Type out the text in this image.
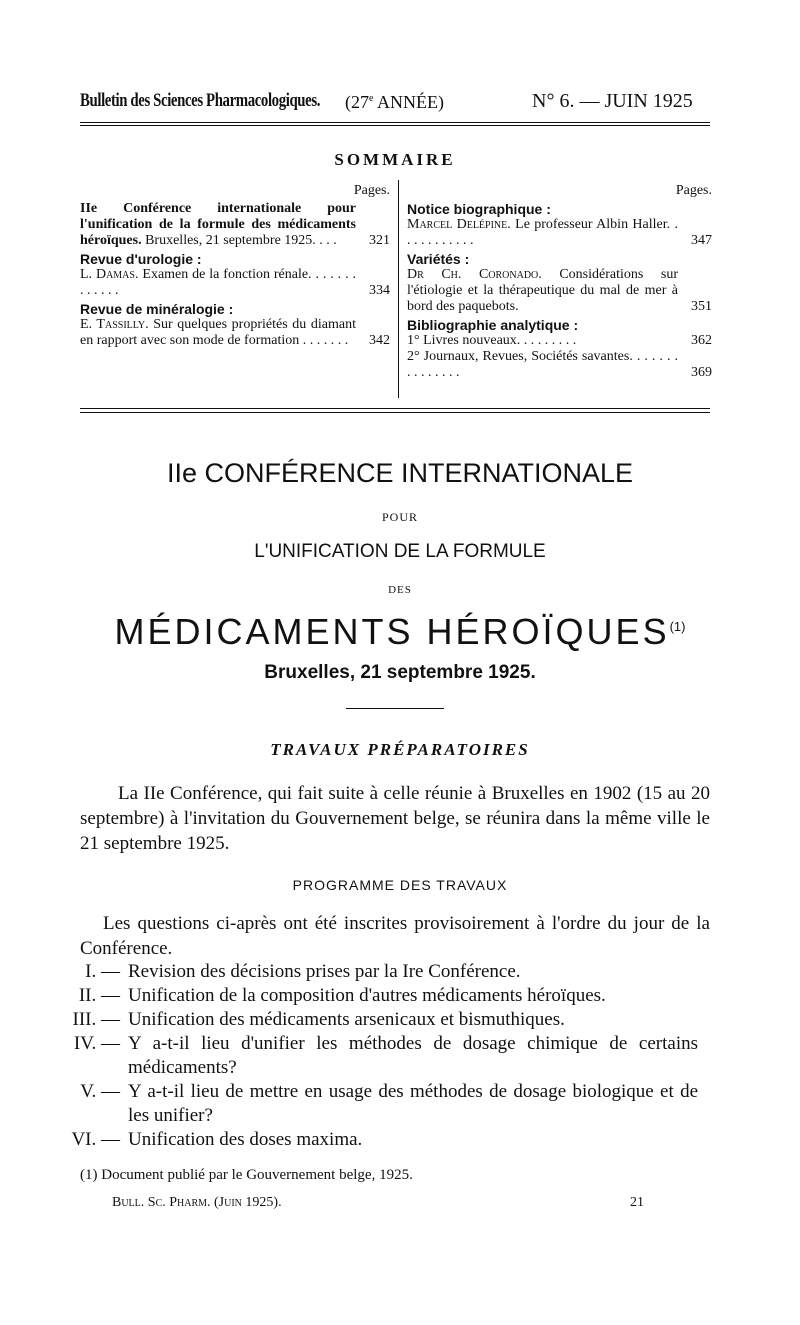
Bulletin des Sciences Pharmacologiques. (27e ANNÉE)	N° 6. — JUIN 1925
SOMMAIRE
Pages.
IIe Conférence internationale pour l'unification de la formule des médicaments héroïques. Bruxelles, 21 septembre 1925. . . . 321
Revue d'urologie :
L. Damas. Examen de la fonction rénale. . . . . . . . . . . . .	334
Revue de minéralogie :
E. Tassilly. Sur quelques propriétés du diamant en rapport avec son mode de formation . . . . . . . 342
Pages.
Notice biographique :
Marcel Delépine. Le professeur Albin Haller. . . . . . . . . . . .	347
Variétés :
Dr Ch. Coronado. Considérations sur l'étiologie et la thérapeutique du mal de mer à bord des paquebots.	351
Bibliographie analytique :
1° Livres nouveaux. . . . . . . . .	362
2° Journaux, Revues, Sociétés savantes. . . . . . . . . . . . . . .	369
IIe CONFÉRENCE INTERNATIONALE
POUR
L'UNIFICATION DE LA FORMULE
DES
MÉDICAMENTS HÉROÏQUES$^{(1)}$
Bruxelles, 21 septembre 1925.
TRAVAUX PRÉPARATOIRES
La IIe Conférence, qui fait suite à celle réunie à Bruxelles en 1902 (15 au 20 septembre) à l'invitation du Gouvernement belge, se réunira dans la même ville le 21 septembre 1925.
PROGRAMME DES TRAVAUX
Les questions ci-après ont été inscrites provisoirement à l'ordre du jour de la Conférence.
I. — Revision des décisions prises par la Ire Conférence.
II. — Unification de la composition d'autres médicaments héroïques.
III. — Unification des médicaments arsenicaux et bismuthiques.
IV. — Y a-t-il lieu d'unifier les méthodes de dosage chimique de certains médicaments?
V. — Y a-t-il lieu de mettre en usage des méthodes de dosage biologique et de les unifier?
VI. — Unification des doses maxima.
(1) Document publié par le Gouvernement belge, 1925.
Bull. Sc. Pharm. (Juin 1925).	21
